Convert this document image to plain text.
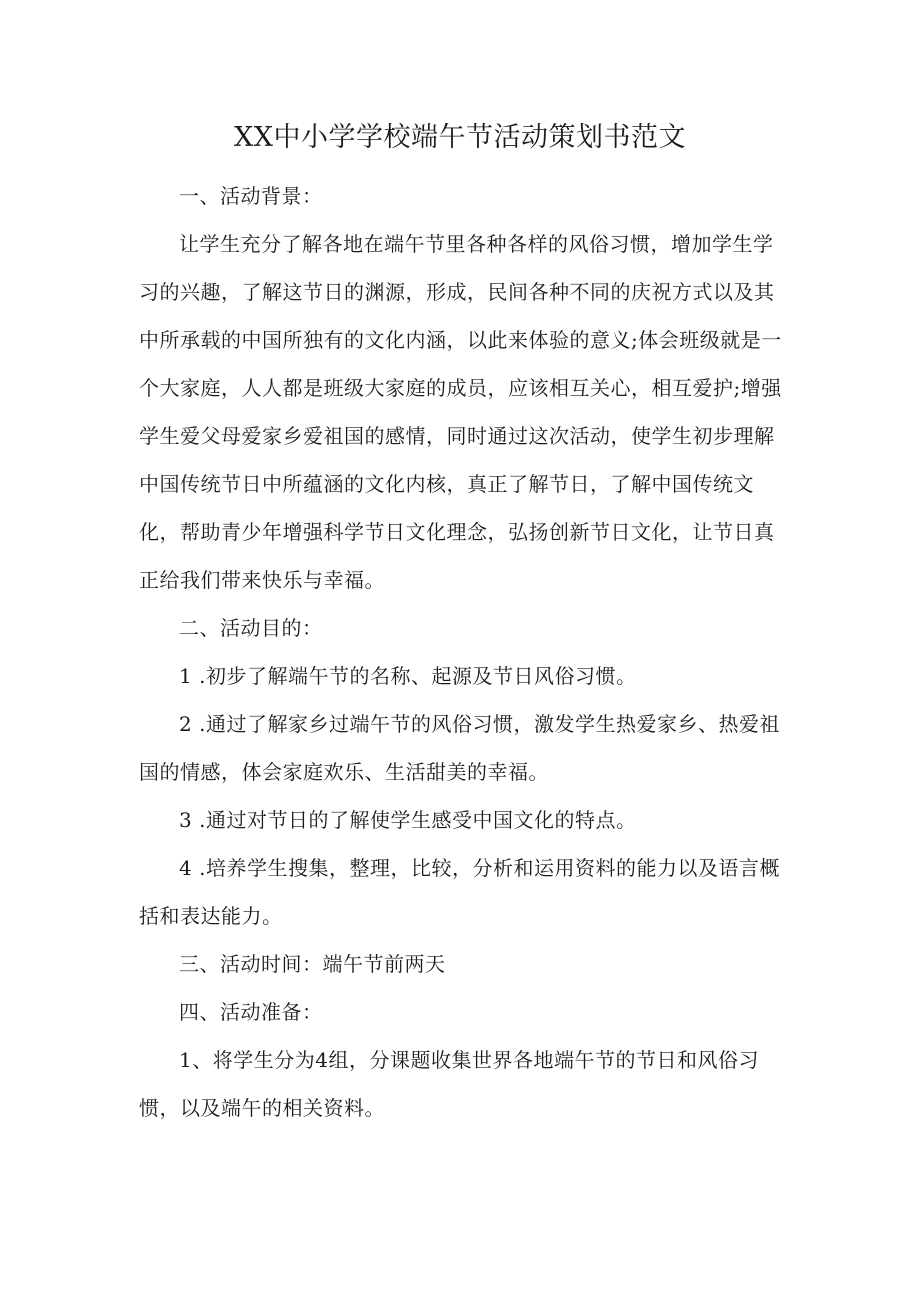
XX中小学学校端午节活动策划书范文

一、活动背景：

让学生充分了解各地在端午节里各种各样的风俗习惯，增加学生学习的兴趣，了解这节日的渊源，形成，民间各种不同的庆祝方式以及其中所承载的中国所独有的文化内涵，以此来体验的意义;体会班级就是一个大家庭，人人都是班级大家庭的成员，应该相互关心，相互爱护;增强学生爱父母爱家乡爱祖国的感情，同时通过这次活动，使学生初步理解中国传统节日中所蕴涵的文化内核，真正了解节日，了解中国传统文化，帮助青少年增强科学节日文化理念，弘扬创新节日文化，让节日真正给我们带来快乐与幸福。

二、活动目的：

1 .初步了解端午节的名称、起源及节日风俗习惯。

2 .通过了解家乡过端午节的风俗习惯，激发学生热爱家乡、热爱祖国的情感，体会家庭欢乐、生活甜美的幸福。

3 .通过对节日的了解使学生感受中国文化的特点。

4 .培养学生搜集，整理，比较，分析和运用资料的能力以及语言概括和表达能力。

三、活动时间：端午节前两天

四、活动准备：

1、将学生分为4组，分课题收集世界各地端午节的节日和风俗习惯，以及端午的相关资料。
